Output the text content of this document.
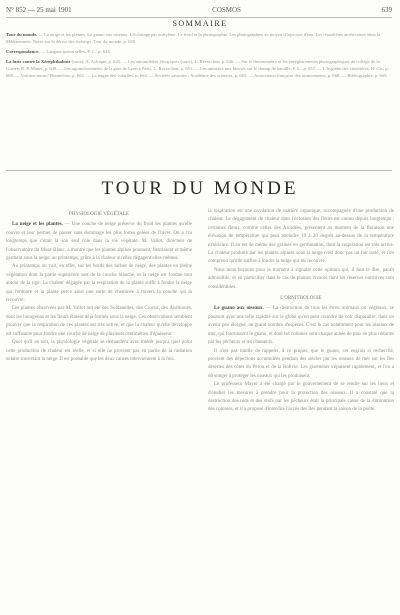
N° 852 — 25 mai 1901	COSMOS	639
SOMMAIRE

Tour du monde. — La neige et les plantes. Le guano aux oiseaux. L'éclairage par acétylène. Le froid et la photographie. Les photographies au moyen d'injection d'eau. Les chaudières américaines dans la Méditerranée. Notes sur la dérive des icebergs. Tour du monde, p. 639.

Correspondance. — Langues universelles, P. C., p. 644.

La lutte contre la Xérophthalmie (suite), A. Acloque, p. 645. — Les automobiles électriques (suite), L. Reverchon, p. 646. — Sur le thermomètre et les enregistrements photographiques du collège de la Guerre, R. P. Manet, p. 649. — Les agrandissements de la gare de Lyon à Paris, L. Reverchon, p. 651. — Les animaux aux blessés sur le champ de bataille, F. L., p. 657. — L'hygiène des cimetières, H. Ch., p. 660. — Volcans-mous? Bonnefous, p. 662. — La teigne des volailles, p. 664. — Sociétés savantes : Académie des sciences, p. 665. — Association française des avancements, p. 668. — Bibliographie, p. 669.

TOUR DU MONDE
PHYSIOLOGIE VÉGÉTALE

La neige et les plantes. — Une couche de neige préserve du froid les plantes qu'elle couvre et leur permet de passer sans dommage les plus fortes gelées de l'hiver. On a cru longtemps que c'était là son seul rôle dans la vie végétale. M. Vallot, directeur de l'observatoire du Mont-Blanc, a montré que les plantes alpines poussent, fleurissent et même germent sous la neige, au printemps, grâce à la chaleur qu'elles dégagent elles-mêmes.

Au printemps on voit, en effet, sur les bords des taches de neige, des plantes en pleine végétation dont la partie supérieure sort de la couche blanche, et la neige est fondue tout autour de la tige. La chaleur dégagée par la respiration de la plante suffit à fondre la neige qui l'entoure et la plante perce ainsi une sorte de cheminée à travers la couche qui la recouvre.

Les plantes observées par M. Vallot ont été des Soldanelles, des Crocus, des Anémones, dont les bourgeons et les fleurs étaient déjà formés sous la neige. Ces observations semblent prouver que la respiration de ces plantes est très active, et que la chaleur qu'elle développe est suffisante pour fondre une couche de neige de plusieurs centimètres d'épaisseur.

Quoi qu'il en soit, la physiologie végétale se demandera avec intérêt jusqu'à quel point cette production de chaleur est réelle, et si elle ne provient pas en partie de la radiation solaire traversant la neige. Il est probable que les deux causes interviennent à la fois.

la respiration est une oxydation de matière organique, accompagnée d'une production de chaleur. Le dégagement de chaleur dans l'éclosion des fleurs est connu depuis longtemps ; certaines fleurs, comme celles des Aroïdées, présentent au moment de la floraison une élévation de température qui peut atteindre 10 à 20 degrés au-dessus de la température extérieure. Il en est de même des graines en germination, dont la respiration est très active. La chaleur produite par les plantes alpines sous la neige n'est donc pas un fait isolé, et l'on comprend qu'elle suffise à fondre la neige qui les recouvre.

Nous nous bornons pour le moment à signaler cette opinion qui, il faut le dire, paraît admissible, et en particulier dans le cas de plantes vivaces dont les réserves nutritives sont considérables.

L'ORNITHOLOGIE

Le guano aux oiseaux. — La destruction de tous les êtres, animaux ou végétaux, se poursuit avec une telle rapidité sur le globe qu'on peut craindre de voir disparaître, dans un avenir peu éloigné, un grand nombre d'espèces. C'est le cas notamment pour les oiseaux de mer, qui fournissent le guano, et dont les colonies sont chaque année de plus en plus réduites par les pêcheurs et les chasseurs.

Il n'est pas inutile de rappeler, à ce propos, que le guano, cet engrais si recherché, provient des déjections accumulées pendant des siècles par les oiseaux de mer sur les îles désertes des côtes du Pérou et de la Bolivie. Les gisements s'épuisent rapidement, et l'on a dû songer à protéger les oiseaux qui les produisent.

Le professeur Mayer a été chargé par le gouvernement de se rendre sur les lieux et d'étudier les mesures à prendre pour la protection des oiseaux. Il a constaté que la destruction des nids et des œufs par les pêcheurs était la principale cause de la diminution des colonies, et il a proposé d'interdire l'accès des îles pendant la saison de la ponte.
